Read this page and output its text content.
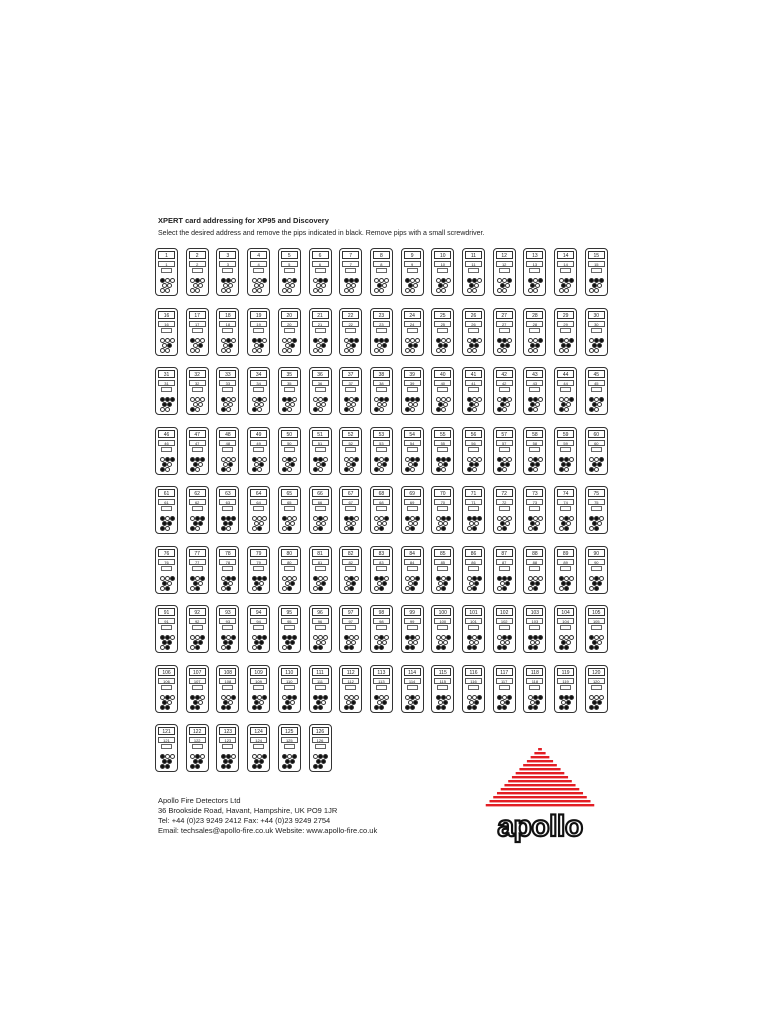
XPERT card addressing for XP95 and Discovery
Select the desired address and remove the pips indicated in black. Remove pips with a small screwdriver.
1
1
2
2
3
3
4
4
5
5
6
6
7
7
8
8
9
9
10
10
11
11
12
12
13
13
14
14
15
15
16
16
17
17
18
18
19
19
20
20
21
21
22
22
23
23
24
24
25
25
26
26
27
27
28
28
29
29
30
30
31
31
32
32
33
33
34
34
35
35
36
36
37
37
38
38
39
39
40
40
41
41
42
42
43
43
44
44
45
45
46
46
47
47
48
48
49
49
50
50
51
51
52
52
53
53
54
54
55
55
56
56
57
57
58
58
59
59
60
60
61
61
62
62
63
63
64
64
65
65
66
66
67
67
68
68
69
69
70
70
71
71
72
72
73
73
74
74
75
75
76
76
77
77
78
78
79
79
80
80
81
81
82
82
83
83
84
84
85
85
86
86
87
87
88
88
89
89
90
90
91
91
92
92
93
93
94
94
95
95
96
96
97
97
98
98
99
99
100
100
101
101
102
102
103
103
104
104
105
105
106
106
107
107
108
108
109
109
110
110
111
111
112
112
113
113
114
114
115
115
116
116
117
117
118
118
119
119
120
120
121
121
122
122
123
123
124
124
125
125
126
126
Apollo Fire Detectors Ltd
36 Brookside Road, Havant, Hampshire, UK PO9 1JR
Tel: +44 (0)23 9249 2412 Fax: +44 (0)23 9249 2754
Email: techsales@apollo-fire.co.uk Website: www.apollo-fire.co.uk	apollo
